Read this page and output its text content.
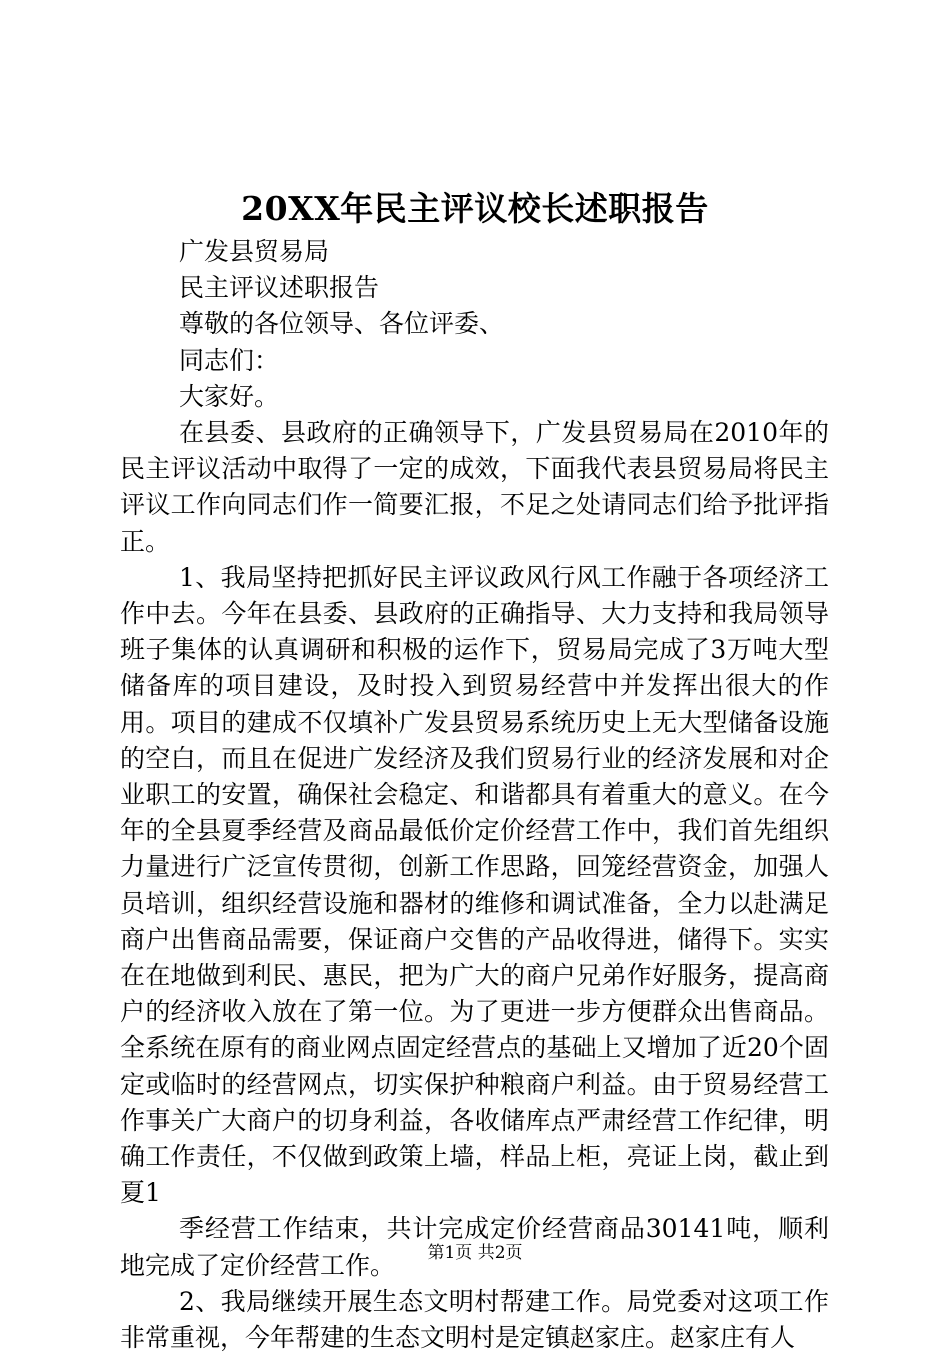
20XX年民主评议校长述职报告

广发县贸易局

民主评议述职报告

尊敬的各位领导、各位评委、

同志们：

大家好。

在县委、县政府的正确领导下，广发县贸易局在2010年的民主评议活动中取得了一定的成效，下面我代表县贸易局将民主评议工作向同志们作一简要汇报，不足之处请同志们给予批评指正。

1、我局坚持把抓好民主评议政风行风工作融于各项经济工作中去。今年在县委、县政府的正确指导、大力支持和我局领导班子集体的认真调研和积极的运作下，贸易局完成了3万吨大型储备库的项目建设，及时投入到贸易经营中并发挥出很大的作用。项目的建成不仅填补广发县贸易系统历史上无大型储备设施的空白，而且在促进广发经济及我们贸易行业的经济发展和对企业职工的安置，确保社会稳定、和谐都具有着重大的意义。在今年的全县夏季经营及商品最低价定价经营工作中，我们首先组织力量进行广泛宣传贯彻，创新工作思路，回笼经营资金，加强人员培训，组织经营设施和器材的维修和调试准备，全力以赴满足商户出售商品需要，保证商户交售的产品收得进，储得下。实实在在地做到利民、惠民，把为广大的商户兄弟作好服务，提高商户的经济收入放在了第一位。为了更进一步方便群众出售商品。全系统在原有的商业网点固定经营点的基础上又增加了近20个固定或临时的经营网点，切实保护种粮商户利益。由于贸易经营工作事关广大商户的切身利益，各收储库点严肃经营工作纪律，明确工作责任，不仅做到政策上墙，样品上柜，亮证上岗，截止到夏1

季经营工作结束，共计完成定价经营商品30141吨，顺利地完成了定价经营工作。

2、我局继续开展生态文明村帮建工作。局党委对这项工作非常重视，今年帮建的生态文明村是定镇赵家庄。赵家庄有人

第1页 共2页
